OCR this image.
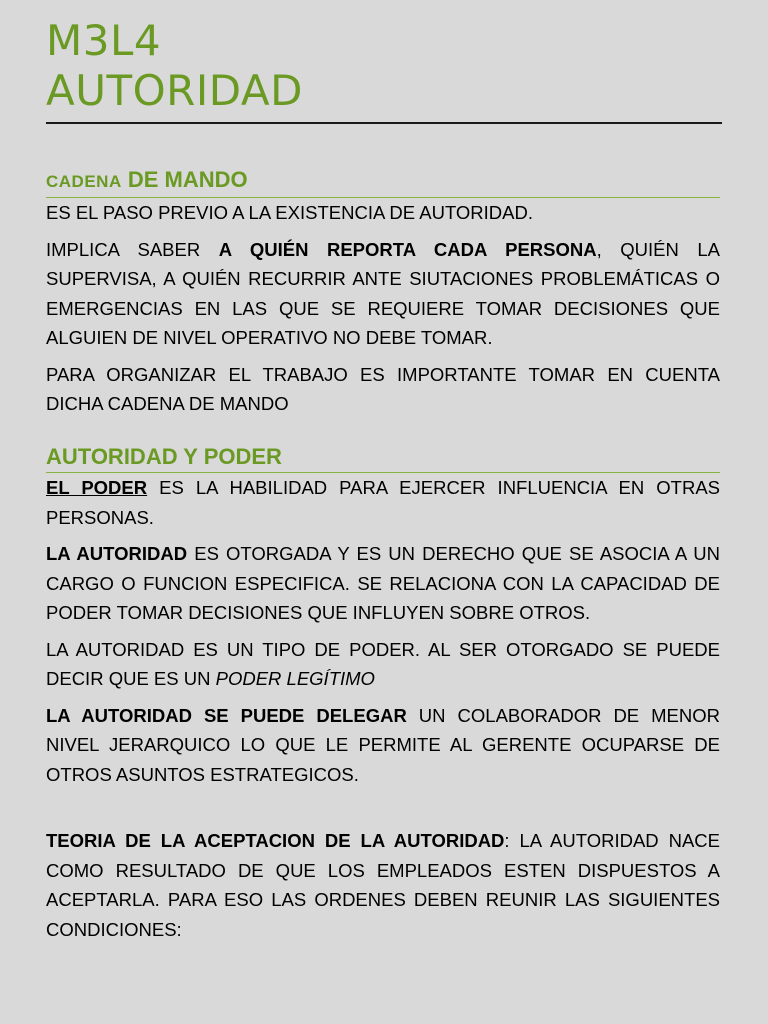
M3L4
AUTORIDAD
CADENA DE MANDO

ES EL PASO PREVIO A LA EXISTENCIA DE AUTORIDAD.

IMPLICA SABER A QUIÉN REPORTA CADA PERSONA, QUIÉN LA SUPERVISA, A QUIÉN RECURRIR ANTE SIUTACIONES PROBLEMÁTICAS O EMERGENCIAS EN LAS QUE SE REQUIERE TOMAR DECISIONES QUE ALGUIEN DE NIVEL OPERATIVO NO DEBE TOMAR.

PARA ORGANIZAR EL TRABAJO ES IMPORTANTE TOMAR EN CUENTA DICHA CADENA DE MANDO

AUTORIDAD Y PODER

EL PODER ES LA HABILIDAD PARA EJERCER INFLUENCIA EN OTRAS PERSONAS.

LA AUTORIDAD ES OTORGADA Y ES UN DERECHO QUE SE ASOCIA A UN CARGO O FUNCION ESPECIFICA. SE RELACIONA CON LA CAPACIDAD DE PODER TOMAR DECISIONES QUE INFLUYEN SOBRE OTROS.

LA AUTORIDAD ES UN TIPO DE PODER. AL SER OTORGADO SE PUEDE DECIR QUE ES UN PODER LEGÍTIMO

LA AUTORIDAD SE PUEDE DELEGAR UN COLABORADOR DE MENOR NIVEL JERARQUICO LO QUE LE PERMITE AL GERENTE OCUPARSE DE OTROS ASUNTOS ESTRATEGICOS.

TEORIA DE LA ACEPTACION DE LA AUTORIDAD: LA AUTORIDAD NACE COMO RESULTADO DE QUE LOS EMPLEADOS ESTEN DISPUESTOS A ACEPTARLA. PARA ESO LAS ORDENES DEBEN REUNIR LAS SIGUIENTES CONDICIONES:
